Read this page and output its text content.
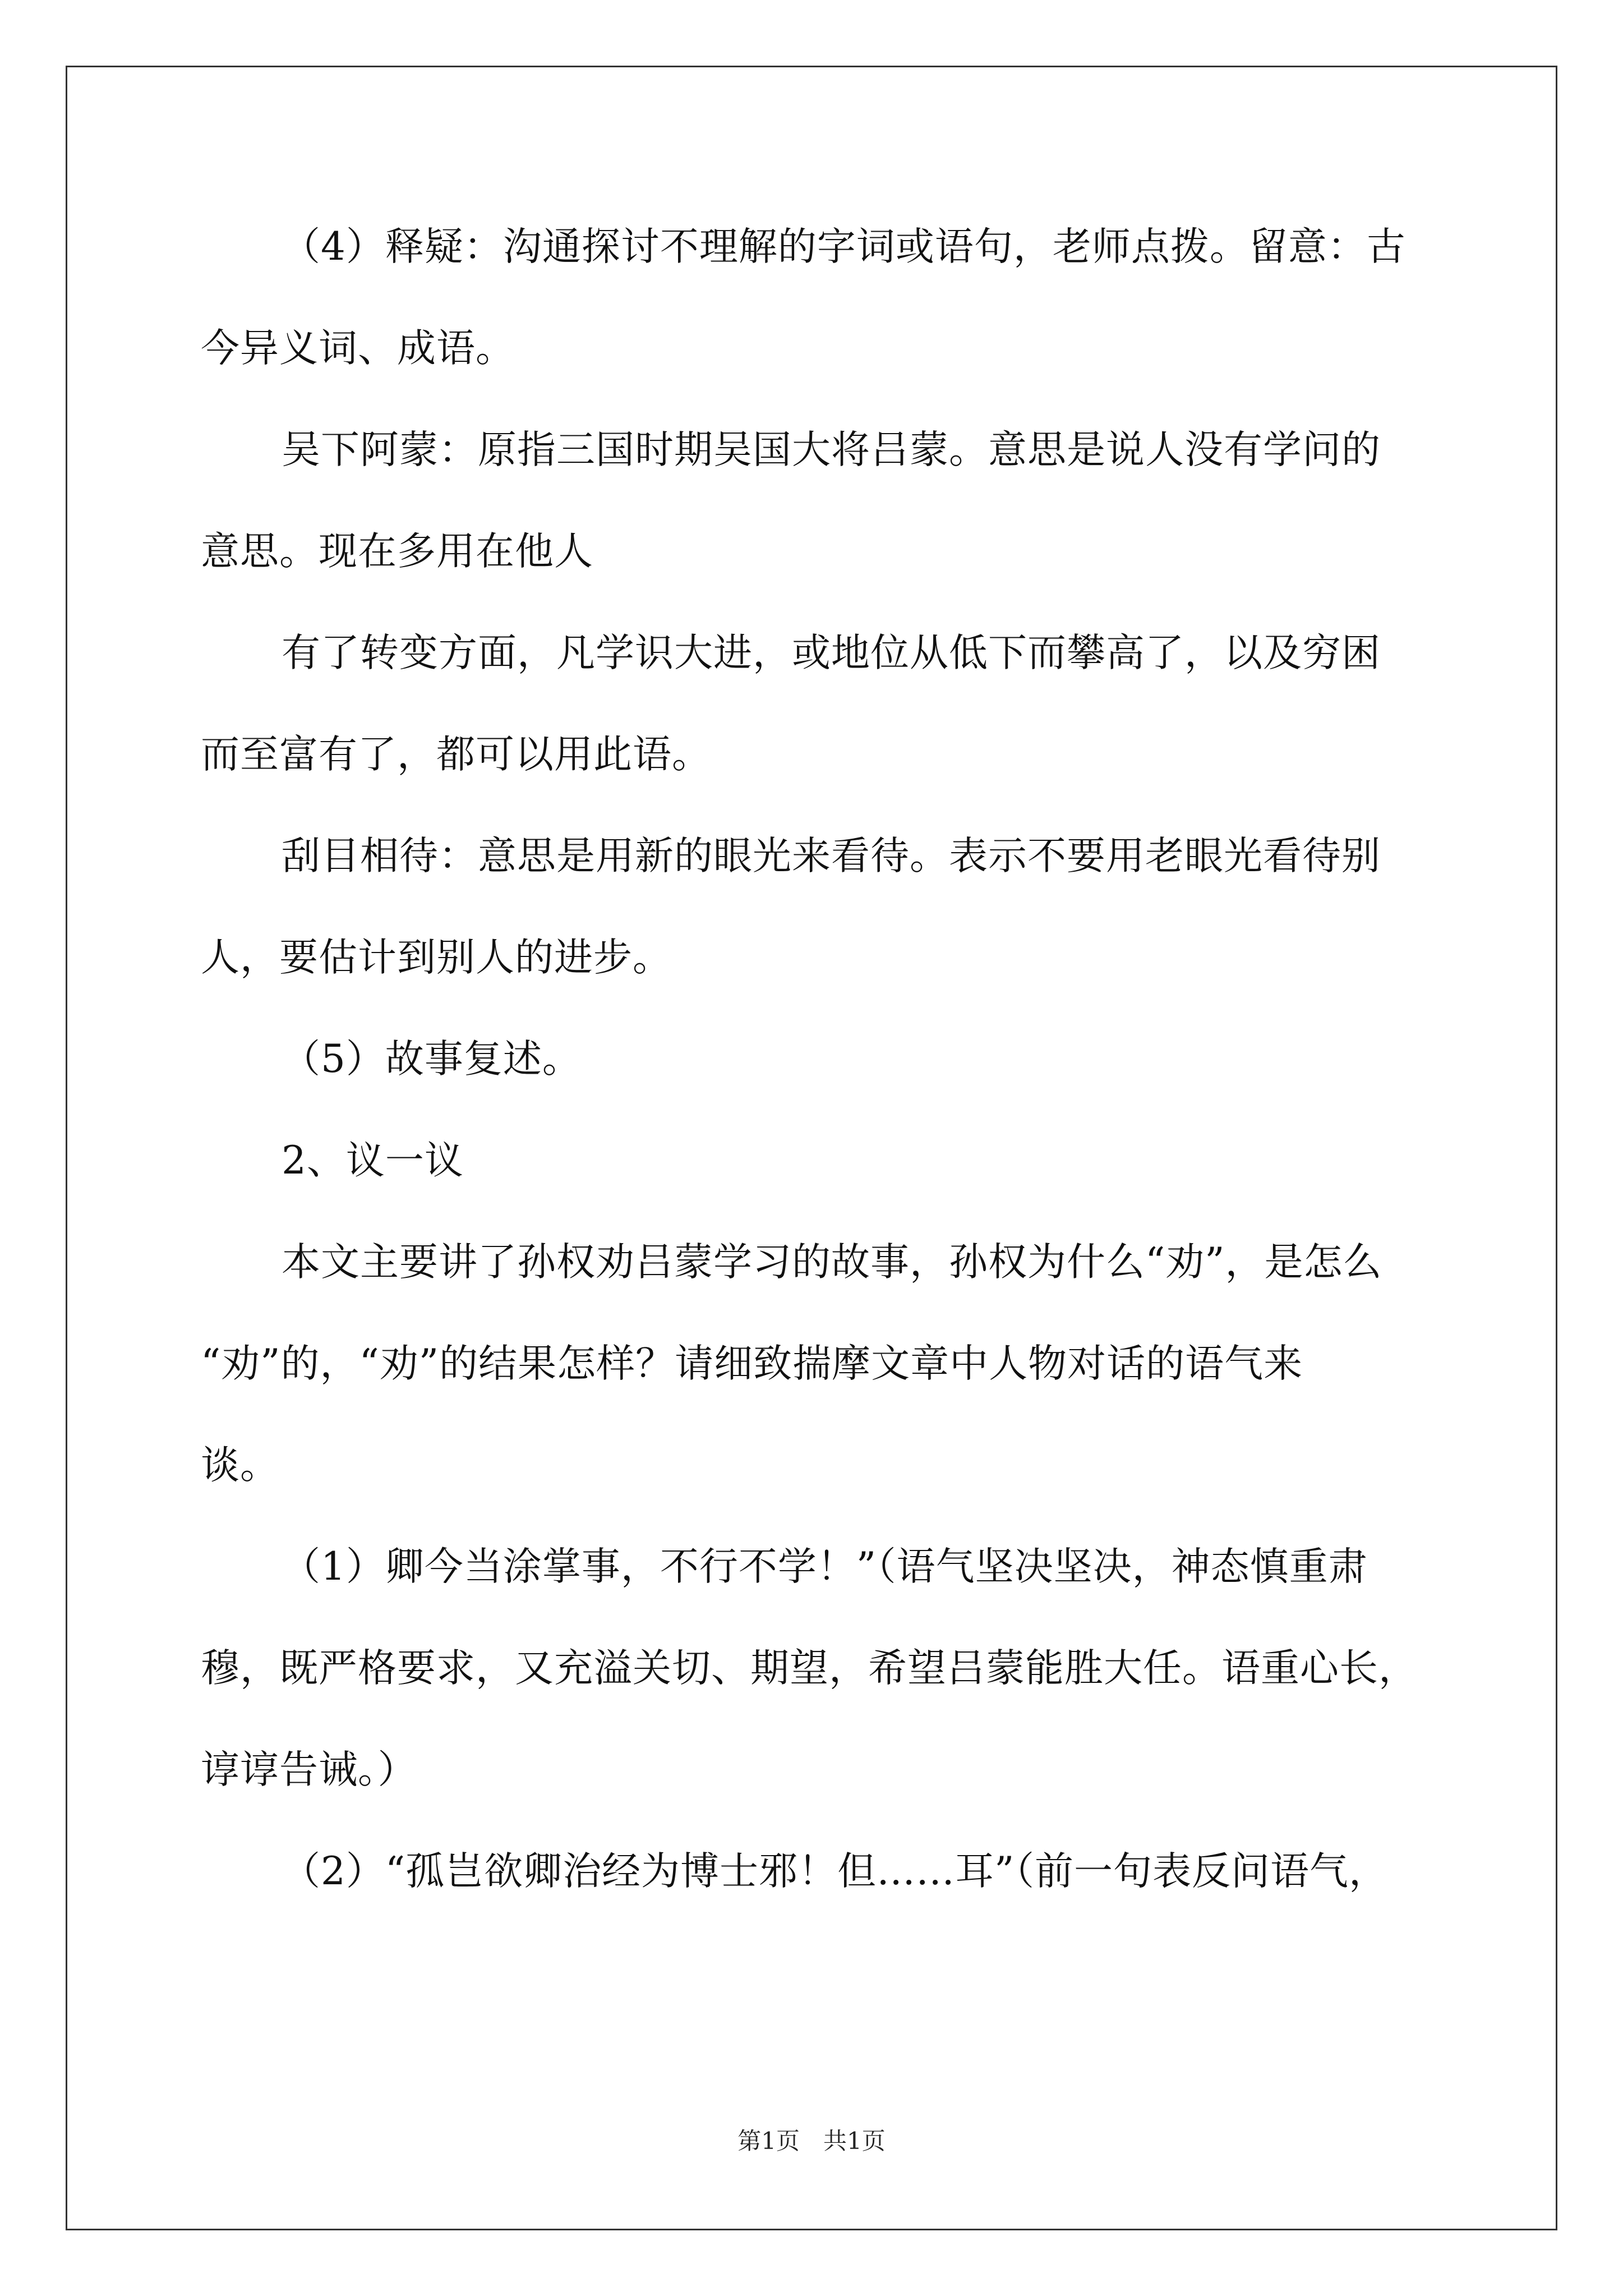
（4）释疑：沟通探讨不理解的字词或语句，老师点拨。留意：古
今异义词、成语。
吴下阿蒙：原指三国时期吴国大将吕蒙。意思是说人没有学问的
意思。现在多用在他人
有了转变方面，凡学识大进，或地位从低下而攀高了，以及穷困
而至富有了，都可以用此语。
刮目相待：意思是用新的眼光来看待。表示不要用老眼光看待别
人，要估计到别人的进步。
（5）故事复述。
2、议一议
本文主要讲了孙权劝吕蒙学习的故事，孙权为什么“劝”，是怎么
“劝”的，“劝”的结果怎样？请细致揣摩文章中人物对话的语气来
谈。
（1）卿今当涂掌事，不行不学！”（语气坚决坚决，神态慎重肃
穆，既严格要求，又充溢关切、期望，希望吕蒙能胜大任。语重心长，
谆谆告诫。）
（2）“孤岂欲卿治经为博士邪！但……耳”（前一句表反问语气，
第1页　共1页
